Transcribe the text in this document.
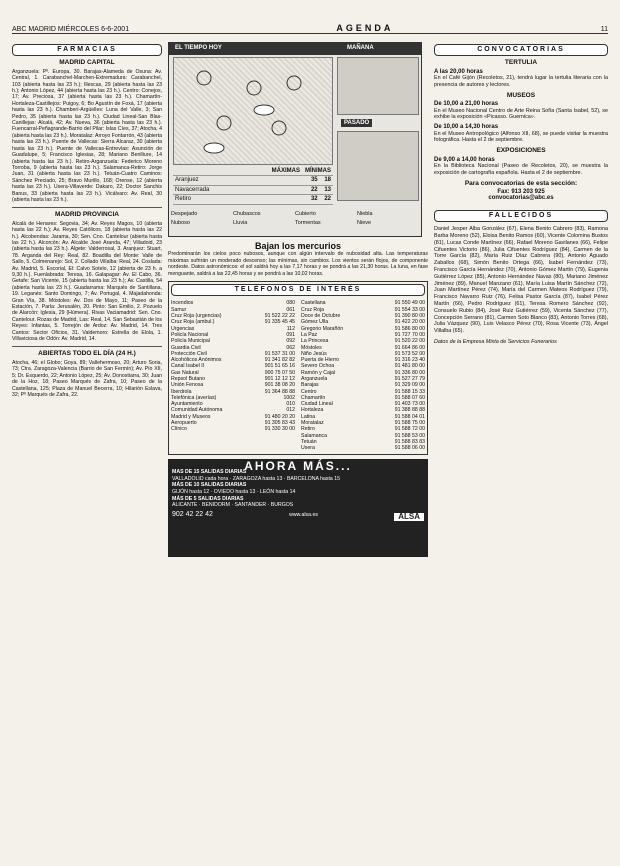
ABC MADRID MIÉRCOLES 6-6-2001	AGENDA	11
FARMACIAS
MADRID CAPITAL
Arganzuela: Pº. Europa, 30. Barajas-Alameda de Osuna: Av. Central, 1. Carabanchel-Marchen-Extremadura: Carabanchel, 103 (abierta hasta las 23 h.); Illescas, 29 (abierta hasta las 23 h.); Antonio López, 44 (abierta hasta las 23 h.). Centro: Conejos, 17; Av. Preciosa, 37 (abierta hasta las 23 h.). Chamartín-Hortaleza-Castillejos: Puigoy, 6; Bo Agustín de Foxá, 17 (abierta hasta las 23 h.). Chamberí-Argüelles: Luna del Valle, 3; San Pedro, 35 (abierta hasta las 23 h.). Ciudad Lineal-San Blas-Canillejas: Alcalá, 42; Av. Nueva, 36 (abierta hasta las 23 h.). Fuencarral-Peñagrande-Barrio del Pilar: Islas Cíes, 37; Atocha, 4 (abierta hasta las 23 h.). Moratalaz: Arroyo Fontarrón, 43 (abierta hasta las 23 h.). Puente de Vallecas: Sierra Alcaraz, 30 (abierta hasta las 23 h.). Puente de Vallecas-Entrevías: Asunción de Guadalupe, 5; Francisco Iglesias, 28; Mariano Benlliure, 14 (abierta hasta las 23 h.). Retiro-Arganzuela: Federico Moreno Torroba, 9 (abierta hasta las 23 h.). Salamanca-Retiro: Jorge Juan, 31 (abierta hasta las 23 h.). Tetuán-Cuatro Caminos: Sánchez Preciado, 25; Bravo Murillo, 168; Orense, 12 (abierta hasta las 23 h.). Usera-Villaverde: Dakaro, 22; Doctor Sanchis Banus, 33 (abierta hasta las 23 h.). Vicálvaro: Av. Real, 30 (abierta hasta las 23 h.).
MADRID PROVINCIA
Alcalá de Henares: Segovia, 34; Av. Reyes Magos, 10 (abierta hasta las 22 h.); Av. Reyes Católicos, 18 (abierta hasta las 22 h.). Alcobendas: Jarama, 30; Sen. Cno. Cantelour (abierta hasta las 22 h.). Alcorcón: Av. Alcalde José Aranda, 47; Villadoid, 23 (abierta hasta las 23 h.). Algete: Valderrosal, 3. Aranjuez: Stuart, 78. Arganda del Rey: Real, 82. Boadilla del Monte: Valle de Sallo, 5. Colmenarejo: Sol, 2. Collado Villalba: Real, 24. Coslada: Av. Madrid, 5. Escorial, El: Calvo Sotelo, 12 (abierta de 23 h. a 9,30 h.). Fuenlabrada: Teresa, 16. Galapagar: Av. El Cabo, 36. Getafe: San Vicente, 15 (abierta hasta las 23 h.); Av. Castilla, 54 (abierta hasta las 23 h.). Guadarrama: Marqués de Santillana, 19. Leganés: Santo Domingo, 7; Av. Portugal, 4. Majadahonda: Gran Vía, 38. Móstoles: Av. Dos de Mayo, 11; Paseo de la Estación, 7. Parla: Jerusalén, 20. Pinto: San Emilio, 2. Pozuelo de Alarcón: Iglesia, 29 (Húmera). Rivas Vaciamadrid: Sen. Cno. Cantelour. Rozas de Madrid, Las: Real, 14. San Sebastián de los Reyes: Infantas, 5. Torrejón de Ardoz: Av. Madrid, 14. Tres Cantos: Sector Oficios, 31. Valdemoro: Estrella de Elola, 1. Villaviciosa de Odón: Av. Madrid, 14.
ABIERTAS TODO EL DÍA (24 H.)
Atocha, 46; el Globo; Goya, 89; Vallehermoso, 20; Arturo Soria, 73; Ctra. Zaragoza-Valencia (Barrio de San Fermín); Av. Pío XII, 5; Dr. Esquerdo, 22; Antonio López, 25; Av. Donostiarra, 30; Juan de la Hoz, 18; Paseo Marqués de Zafra, 10; Paseo de la Castellana, 125; Plaza de Manuel Becerra, 10; Hilarión Eslava, 32; Pº Marqués de Zafra, 22.
EL TIEMPO HOY	MAÑANA
PASADO
MÁXIMAS MÍNIMAS
Aranjuez	35 18
Navacerrada	22 13
Retiro	32 22
Despejado	Chubascos	Cubierto	Niebla
Nuboso	Lluvia	Tormentas	Nieve
Bajan los mercurios
Predominarán los cielos poco nubosos, aunque con algún intervalo de nubosidad alta. Las temperaturas máximas sufrirán un moderado descenso; las mínimas, sin cambios. Los vientos serán flojos, de componente nordeste. Datos astronómicos: el sol saldrá hoy a las 7,17 horas y se pondrá a las 21,30 horas. La luna, en fase menguante, saldrá a las 22,45 horas y se pondrá a las 10,02 horas.
TELÉFONOS DE INTERÉS
Incendios	080
Samur	061
Cruz Roja (urgencias)	91 522 22 22
Cruz Roja (ambul.)	91 335 45 45
Urgencias	112
Policía Nacional	091
Policía Municipal	092
Guardia Civil	062
Protección Civil	91 537 31 00
Alcohólicos Anónimos	91 341 82 82
Canal Isabel II	901 51 65 16
Gas Natural	900 75 07 50
Repsol Butano	901 12 12 12
Unión Fenosa	901 38 08 20
Iberdrola	91 364 88 88
Telefónica (averías)	1002
Ayuntamiento	010
Comunidad Autónoma	012
Madrid y Museos	91 480 20 20
Aeropuerto	91 305 83 43
Clínico	91 330 30 00
Castellana	91 550 49 00
Cruz Roja	91 554 33 00
Doce de Octubre	91 390 80 00
Gómez Ulla	91 422 20 00
Gregorio Marañón	91 586 80 00
La Paz	91 727 70 00
La Princesa	91 520 22 00
Móstoles	91 664 86 00
Niño Jesús	91 573 52 00
Puerta de Hierro	91 316 23 40
Severo Ochoa	91 481 80 00
Ramón y Cajal	91 336 80 00
Arganzuela	91 527 27 79
Barajas	91 329 09 00
Centro	91 588 15 33
Chamartín	91 588 07 60
Ciudad Lineal	91 403 73 00
Hortaleza	91 388 88 88
Latina	91 588 04 01
Moratalaz	91 588 75 00
Retiro	91 588 72 00
Salamanca	91 588 53 00
Tetuán	91 588 83 83
Usera	91 588 06 00
AHORA MÁS...
MAS DE 15 SALIDAS DIARIAS
VALLADOLID cada hora · ZARAGOZA hasta 13 · BARCELONA hasta 15
MÁS DE 10 SALIDAS DIARIAS
GIJÓN hasta 12 · OVIEDO hasta 13 · LEÓN hasta 14
MÁS DE 5 SALIDAS DIARIAS
ALICANTE · BENIDORM · SANTANDER · BURGOS
902 42 22 42	www.alsa.es	ALSA
CONVOCATORIAS
TERTULIA
A las 20,00 horas
En el Café Gijón (Recoletos, 21), tendrá lugar la tertulia literaria con la presencia de autores y lectores.
MUSEOS
De 10,00 a 21,00 horas
En el Museo Nacional Centro de Arte Reina Sofía (Santa Isabel, 52), se exhibe la exposición «Picasso. Guernica».
De 10,00 a 14,30 horas
En el Museo Antropológico (Alfonso XII, 68), se puede visitar la muestra fotográfica. Hasta el 2 de septiembre.
EXPOSICIONES
De 9,00 a 14,00 horas
En la Biblioteca Nacional (Paseo de Recoletos, 20), se muestra la exposición de cartografía española. Hasta el 2 de septiembre.
Para convocatorias de esta sección:
Fax: 913 203 925
convocatorias@abc.es
FALLECIDOS
Daniel Jesper Alba González (67), Elena Benito Cabrero (83), Ramona Barba Moreno (52), Eloisa Benito Ramos (60), Vicente Colomina Bustos (81), Lucas Conde Martínez (66), Rafael Moreno Gavilanes (66), Felipe Cifuentes Victorio (86), Julia Cifuentes Rodríguez (84), Carmen de la Torre García (82), María Ruiz Díaz Cabrera (90), Antonio Aguado Zaballos (68), Simón Benito Ortega (66), Isabel Fernández (73), Francisco García Hernández (70), Antonio Gómez Martín (79), Eugenia Gutiérrez López (85), Antonio Hernández Navas (80), Mariano Jiménez Jiménez (89), Manuel Manzano (61), María Luisa Martín Sánchez (72), Juan Martínez Pérez (74), María del Carmen Mateos Rodríguez (79), Francisco Navarro Ruiz (76), Felisa Pastor García (87), Isabel Pérez Martín (66), Pedro Rodríguez (61), Teresa Romero Sánchez (92), Consuelo Rubio (84), José Ruiz Gutiérrez (59), Vicenta Sánchez (77), Concepción Serrano (81), Carmen Soto Blanco (83), Antonio Torres (68), Julia Vázquez (90), Luis Velasco Pérez (70), Rosa Vicente (73), Ángel Villalba (65).
Datos de la Empresa Mixta de Servicios Funerarios
